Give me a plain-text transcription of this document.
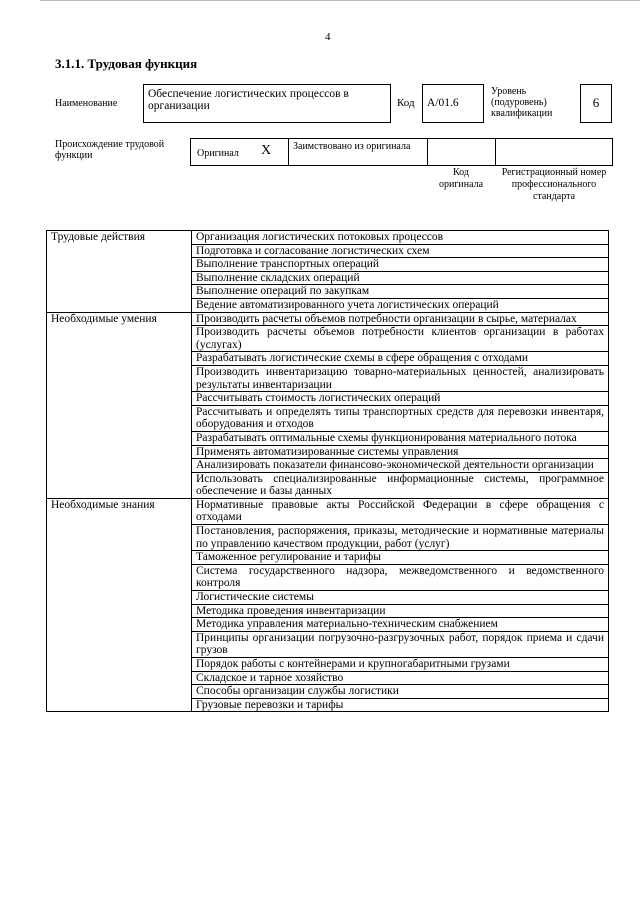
4
3.1.1. Трудовая функция
Наименование
Обеспечение логистических процессов в организации	Код	А/01.6
Уровень (подуровень) квалификации
6
Происхождение трудовой функции	Оригинал X Заимствовано из оригинала
Код оригинала
Регистрационный номер профессионального стандарта
Трудовые действия	Организация логистических потоковых процессов
	Подготовка и согласование логистических схем
	Выполнение транспортных операций
	Выполнение складских операций
	Выполнение операций по закупкам
	Ведение автоматизированного учета логистических операций
Необходимые умения	Производить расчеты объемов потребности организации в сырье, материалах
	Производить расчеты объемов потребности клиентов организации в работах (услугах)
	Разрабатывать логистические схемы в сфере обращения с отходами
	Производить инвентаризацию товарно-материальных ценностей, анализировать результаты инвентаризации
	Рассчитывать стоимость логистических операций
	Рассчитывать и определять типы транспортных средств для перевозки инвентаря, оборудования и отходов
	Разрабатывать оптимальные схемы функционирования материального потока
	Применять автоматизированные системы управления
	Анализировать показатели финансово-экономической деятельности организации
	Использовать специализированные информационные системы, программное обеспечение и базы данных
Необходимые знания	Нормативные правовые акты Российской Федерации в сфере обращения с отходами
	Постановления, распоряжения, приказы, методические и нормативные материалы по управлению качеством продукции, работ (услуг)
	Таможенное регулирование и тарифы
	Система государственного надзора, межведомственного и ведомственного контроля
	Логистические системы
	Методика проведения инвентаризации
	Методика управления материально-техническим снабжением
	Принципы организации погрузочно-разгрузочных работ, порядок приема и сдачи грузов
	Порядок работы с контейнерами и крупногабаритными грузами
	Складское и тарное хозяйство
	Способы организации службы логистики
	Грузовые перевозки и тарифы
